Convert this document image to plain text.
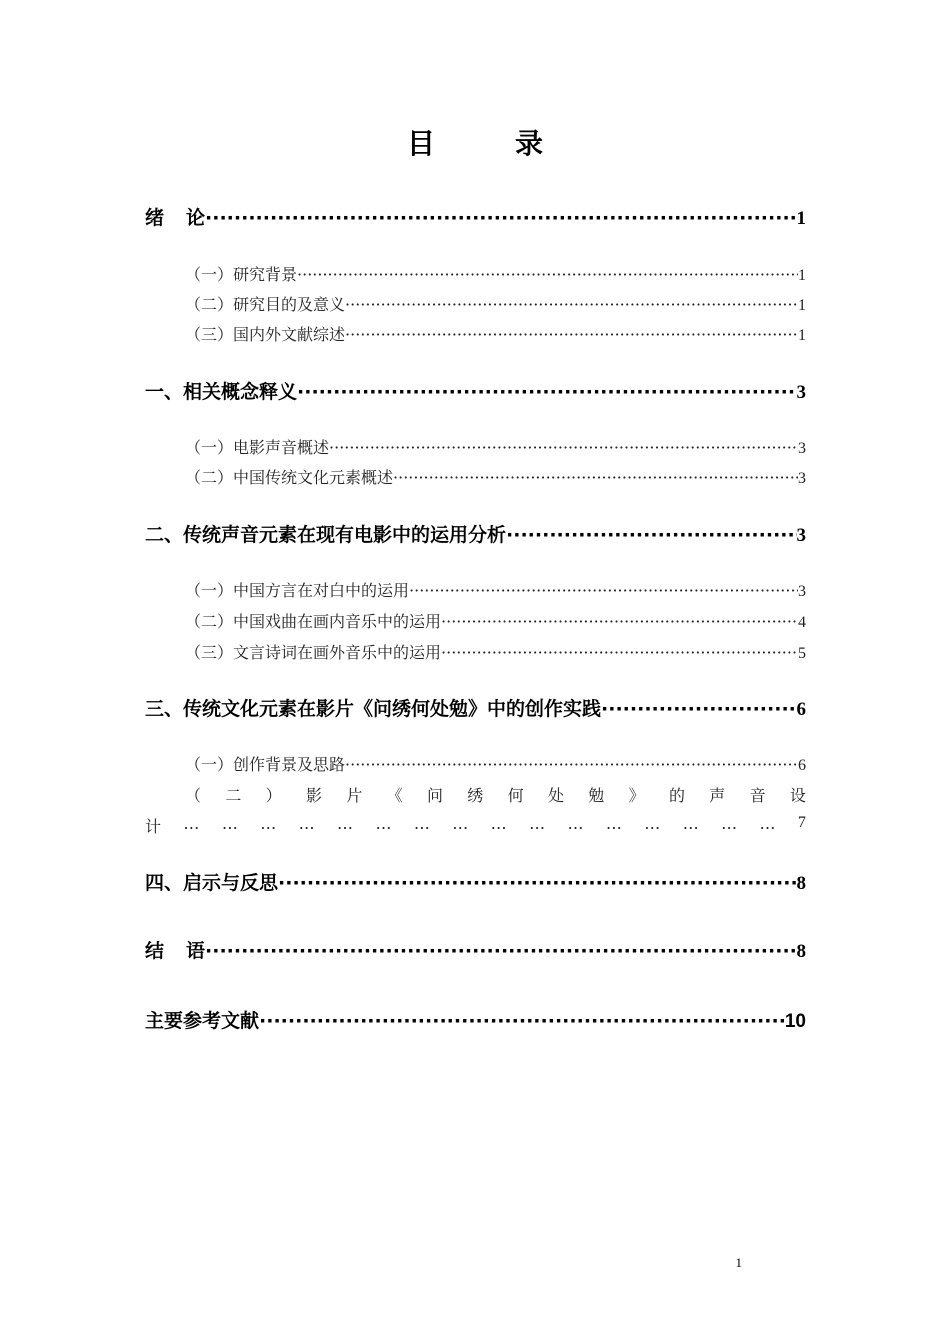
目　录
绪论 ·····	1
（一）研究背景 ·····	1
（二）研究目的及意义 ·····	1
（三）国内外文献综述 ·····	1
一、相关概念释义 ·····	3
（一）电影声音概述 ·····	3
（二）中国传统文化元素概述 ·····	3
二、传统声音元素在现有电影中的运用分析 ·····	3
（一）中国方言在对白中的运用 ·····	3
（二）中国戏曲在画内音乐中的运用 ·····	4
（三）文言诗词在画外音乐中的运用 ·····	5
三、传统文化元素在影片《问绣何处勉》中的创作实践 ·····	6
（一）创作背景及思路 ·····	6
（ 二 ） 影 片 《 问 绣 何 处 勉 》 的 声 音 设
计 … … … … … … … … … … … … … … … … 7
四、启示与反思 ·····	8
结语 ·····	8
主要参考文献 ·····	10
1
